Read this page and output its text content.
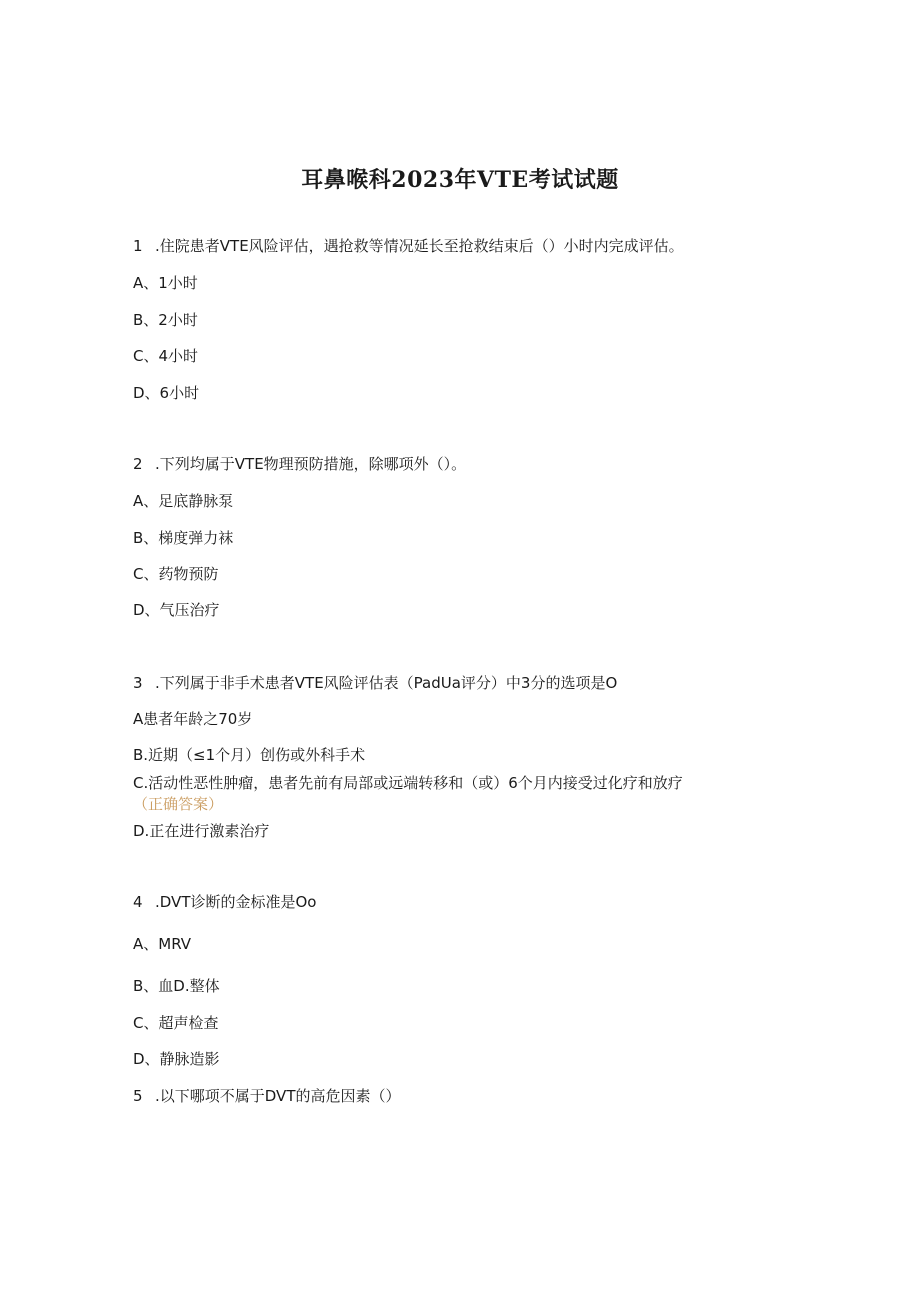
耳鼻喉科2023年VTE考试试题
1 .住院患者VTE风险评估，遇抢救等情况延长至抢救结束后（）小时内完成评估。
A、1小时
B、2小时
C、4小时
D、6小时
2 .下列均属于VTE物理预防措施，除哪项外（）。
A、足底静脉泵
B、梯度弹力袜
C、药物预防
D、气压治疗
3 .下列属于非手术患者VTE风险评估表（PadUa评分）中3分的选项是O
A患者年龄之70岁
B.近期（≤1个月）创伤或外科手术
C.活动性恶性肿瘤，患者先前有局部或远端转移和（或）6个月内接受过化疗和放疗
（正确答案）
D.正在进行激素治疗
4 .DVT诊断的金标准是Oo
A、MRV
B、血D.整体
C、超声检查
D、静脉造影
5 .以下哪项不属于DVT的高危因素（）
